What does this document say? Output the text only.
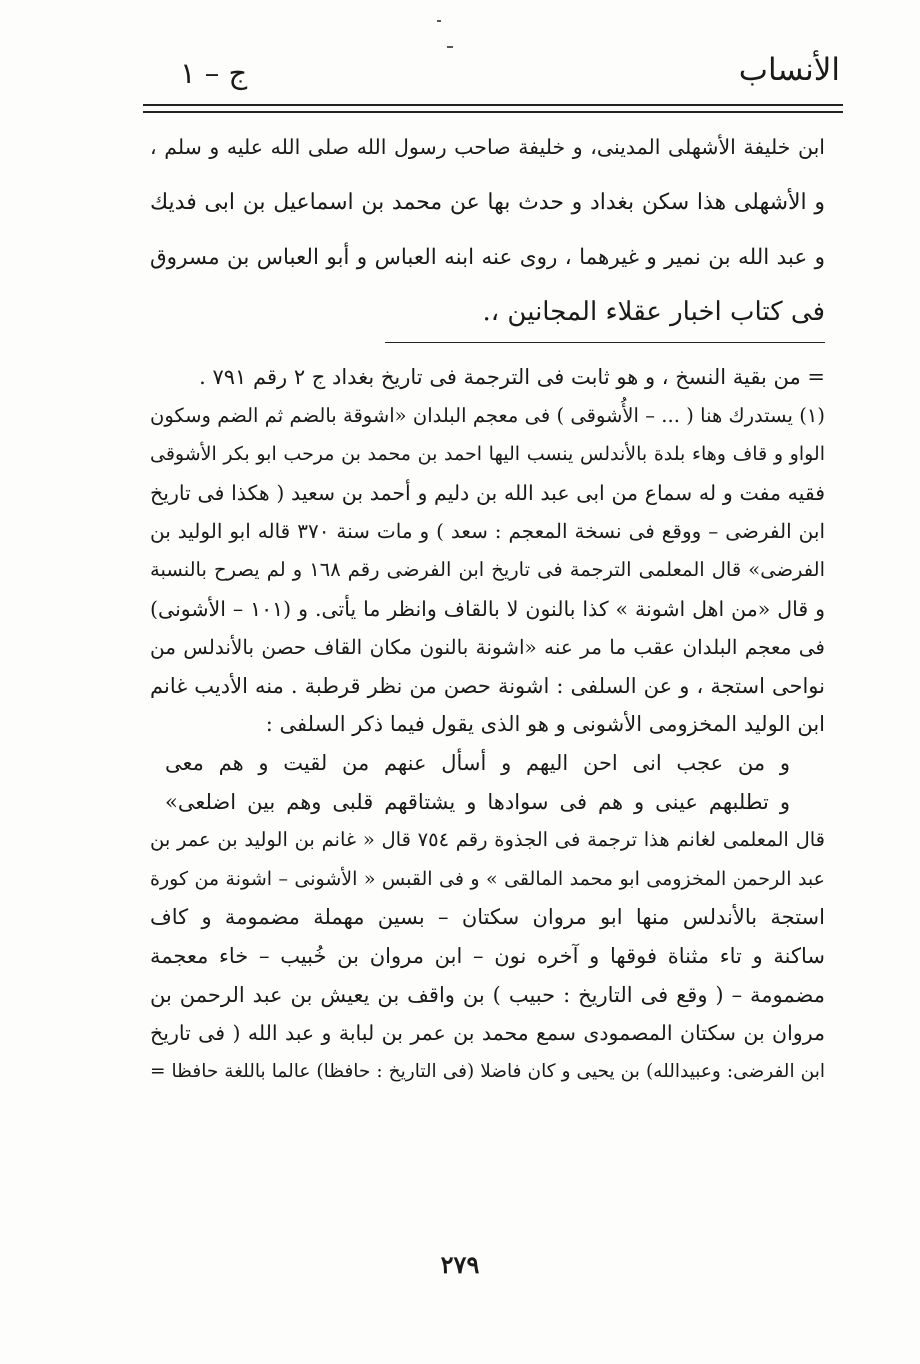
الأنساب
ج – ١

ابن خليفة الأشهلى المدينى، و خليفة صاحب رسول الله صلى الله عليه و سلم ،

و الأشهلى هذا سكن بغداد و حدث بها عن محمد بن اسماعيل بن ابى فديك

و عبد الله بن نمير و غيرهما ، روى عنه ابنه العباس و أبو العباس بن مسروق

فى كتاب اخبار عقلاء المجانين ،.

= من بقية النسخ ، و هو ثابت فى الترجمة فى تاريخ بغداد ج ٢ رقم ٧٩١ .

(١) يستدرك هنا ( ... – الأُشوقى ) فى معجم البلدان «اشوقة بالضم ثم الضم وسكون

الواو و قاف وهاء بلدة بالأندلس ينسب اليها احمد بن محمد بن مرحب ابو بكر الأشوقى

فقيه مفت و له سماع من ابى عبد الله بن دليم و أحمد بن سعيد ( هكذا فى تاريخ

ابن الفرضى – ووقع فى نسخة المعجم : سعد ) و مات سنة ٣٧٠ قاله ابو الوليد بن

الفرضى» قال المعلمى الترجمة فى تاريخ ابن الفرضى رقم ١٦٨ و لم يصرح بالنسبة

و قال «من اهل اشونة » كذا بالنون لا بالقاف وانظر ما يأتى. و (١٠١ – الأشونى)

فى معجم البلدان عقب ما مر عنه «اشونة بالنون مكان القاف حصن بالأندلس من

نواحى استجة ، و عن السلفى : اشونة حصن من نظر قرطبة . منه الأديب غانم

ابن الوليد المخزومى الأشونى و هو الذى يقول فيما ذكر السلفى :

و من عجب انى احن اليهم و أسأل عنهم من لقيت و هم معى

و تطلبهم عينى و هم فى سوادها و يشتاقهم قلبى وهم بين اضلعى»

قال المعلمى لغانم هذا ترجمة فى الجذوة رقم ٧٥٤ قال « غانم بن الوليد بن عمر بن

عبد الرحمن المخزومى ابو محمد المالقى » و فى القبس « الأشونى – اشونة من كورة

استجة بالأندلس منها ابو مروان سكتان – بسين مهملة مضمومة و كاف

ساكنة و تاء مثناة فوقها و آخره نون – ابن مروان بن خُبيب – خاء معجمة

مضمومة – ( وقع فى التاريخ : حبيب ) بن واقف بن يعيش بن عبد الرحمن بن

مروان بن سكتان المصمودى سمع محمد بن عمر بن لبابة و عبد الله ( فى تاريخ

ابن الفرضى: وعبيدالله) بن يحيى و كان فاضلا (فى التاريخ : حافظا) عالما باللغة حافظا =

٢٧٩
